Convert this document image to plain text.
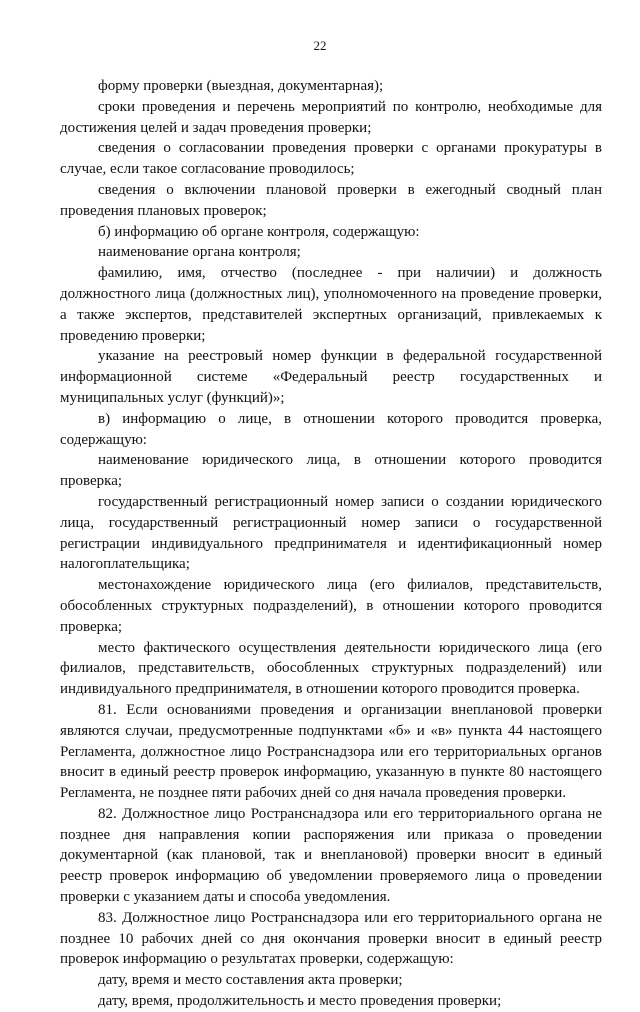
22

форму проверки (выездная, документарная);

сроки проведения и перечень мероприятий по контролю, необходимые для достижения целей и задач проведения проверки;

сведения о согласовании проведения проверки с органами прокуратуры в случае, если такое согласование проводилось;

сведения о включении плановой проверки в ежегодный сводный план проведения плановых проверок;

б) информацию об органе контроля, содержащую:

наименование органа контроля;

фамилию, имя, отчество (последнее - при наличии) и должность должностного лица (должностных лиц), уполномоченного на проведение проверки, а также экспертов, представителей экспертных организаций, привлекаемых к проведению проверки;

указание на реестровый номер функции в федеральной государственной информационной системе «Федеральный реестр государственных и муниципальных услуг (функций)»;

в) информацию о лице, в отношении которого проводится проверка, содержащую:

наименование юридического лица, в отношении которого проводится проверка;

государственный регистрационный номер записи о создании юридического лица, государственный регистрационный номер записи о государственной регистрации индивидуального предпринимателя и идентификационный номер налогоплательщика;

местонахождение юридического лица (его филиалов, представительств, обособленных структурных подразделений), в отношении которого проводится проверка;

место фактического осуществления деятельности юридического лица (его филиалов, представительств, обособленных структурных подразделений) или индивидуального предпринимателя, в отношении которого проводится проверка.

81. Если основаниями проведения и организации внеплановой проверки являются случаи, предусмотренные подпунктами «б» и «в» пункта 44 настоящего Регламента, должностное лицо Ространснадзора или его территориальных органов вносит в единый реестр проверок информацию, указанную в пункте 80 настоящего Регламента, не позднее пяти рабочих дней со дня начала проведения проверки.

82. Должностное лицо Ространснадзора или его территориального органа не позднее дня направления копии распоряжения или приказа о проведении документарной (как плановой, так и внеплановой) проверки вносит в единый реестр проверок информацию об уведомлении проверяемого лица о проведении проверки с указанием даты и способа уведомления.

83. Должностное лицо Ространснадзора или его территориального органа не позднее 10 рабочих дней со дня окончания проверки вносит в единый реестр проверок информацию о результатах проверки, содержащую:

дату, время и место составления акта проверки;

дату, время, продолжительность и место проведения проверки;
